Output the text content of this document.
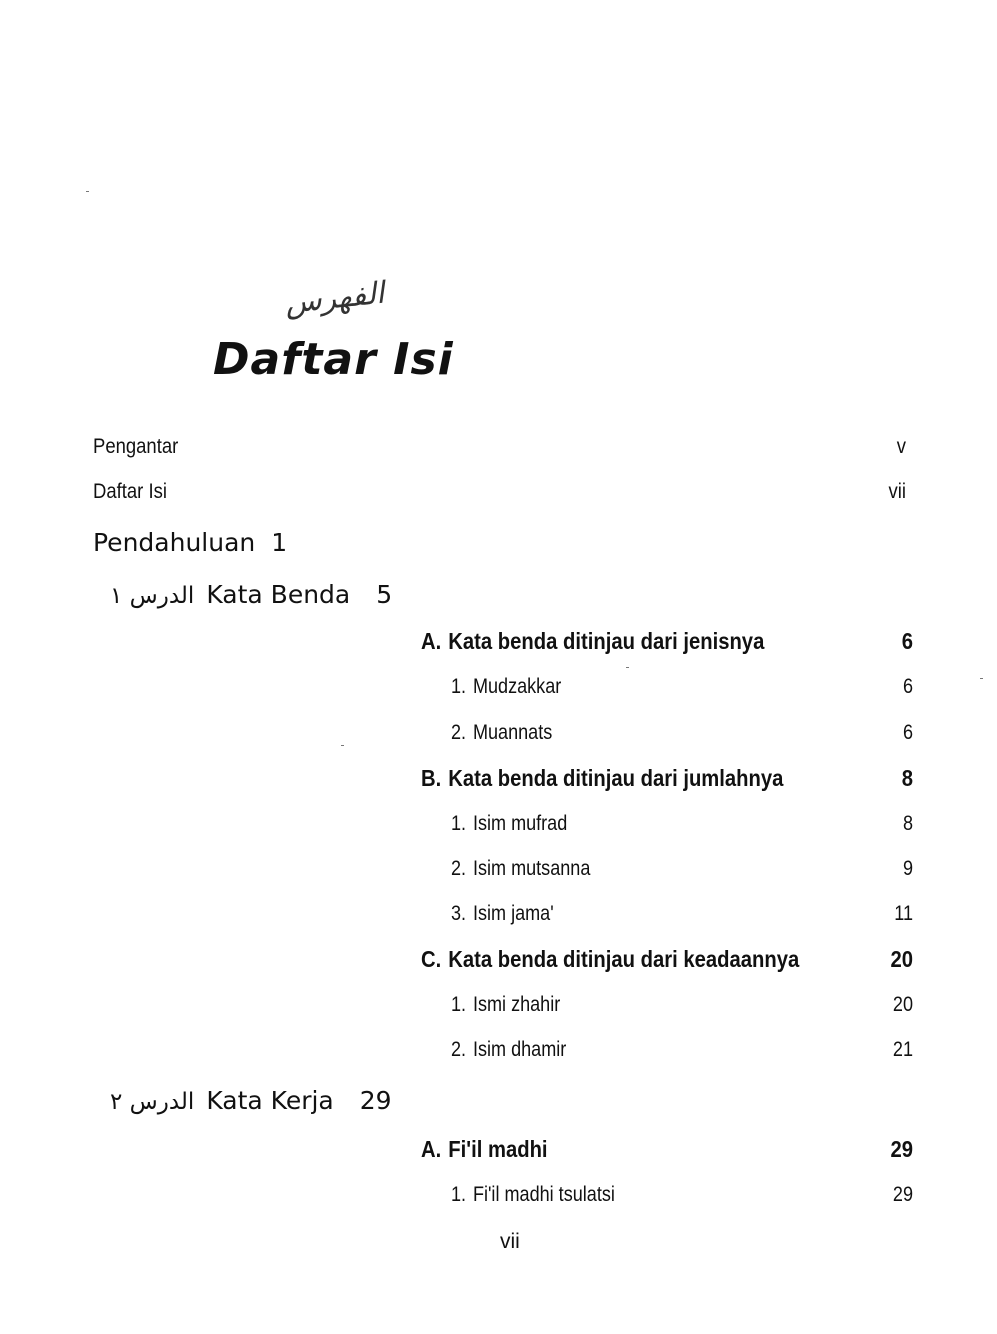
الفهرس
Daftar Isi
Pengantar	v
Daftar Isi	vii
Pendahuluan 1
الدرس ١ Kata Benda 5
A. Kata benda ditinjau dari jenisnya	6
1. Mudzakkar	6
2. Muannats	6
B. Kata benda ditinjau dari jumlahnya	8
1. Isim mufrad	8
2. Isim mutsanna	9
3. Isim jama'	11
C. Kata benda ditinjau dari keadaannya	20
1. Ismi zhahir	20
2. Isim dhamir	21
الدرس ٢ Kata Kerja 29
A. Fi'il madhi	29
1. Fi'il madhi tsulatsi	29
vii
